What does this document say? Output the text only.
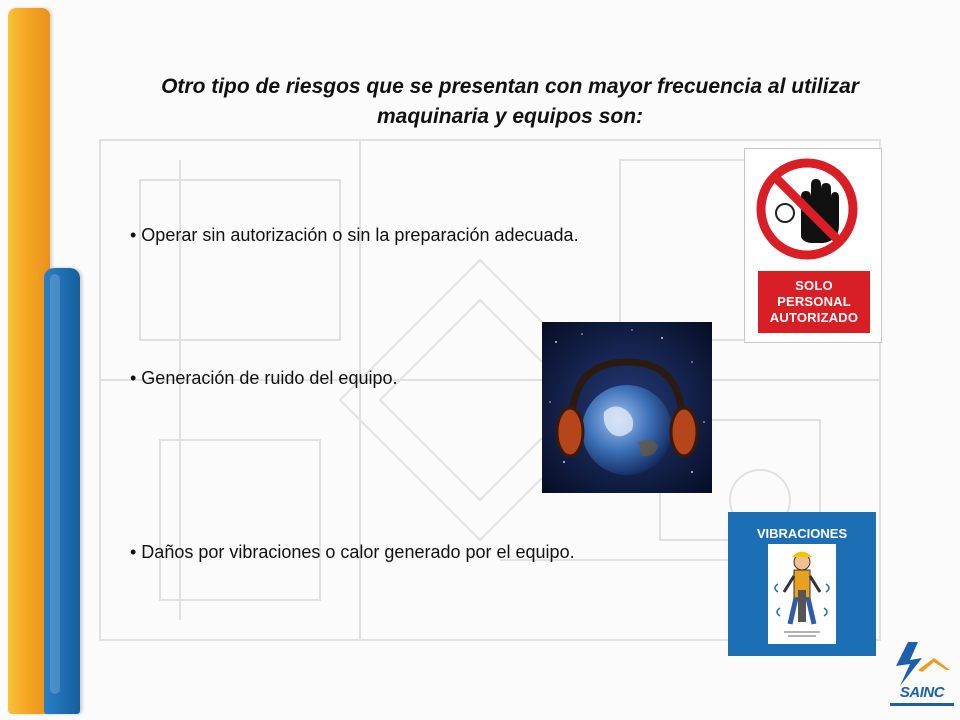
Otro tipo de riesgos que se presentan con mayor frecuencia al utilizar maquinaria y equipos son:
• Operar sin autorización o sin la preparación adecuada.
• Generación de ruido del equipo.
• Daños por vibraciones o calor generado por el equipo.
SOLO
PERSONAL
AUTORIZADO
VIBRACIONES
SAINC
